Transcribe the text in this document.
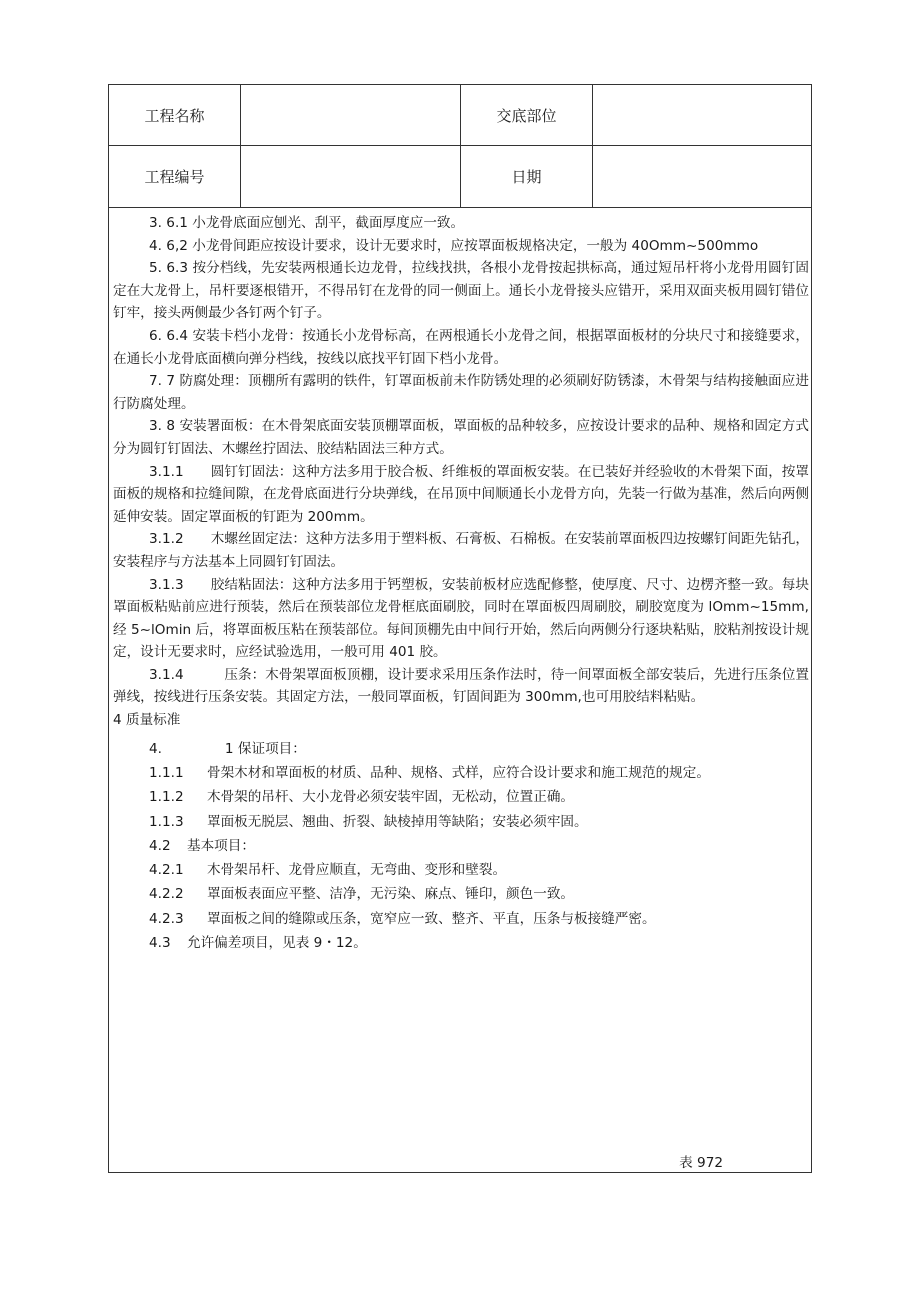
工程名称	交底部位
工程编号	日期

3. 6.1 小龙骨底面应刨光、刮平，截面厚度应一致。

4. 6,2 小龙骨间距应按设计要求，设计无要求时，应按罩面板规格决定，一般为 40Omm~500mmo

5. 6.3 按分档线，先安装两根通长边龙骨，拉线找拱，各根小龙骨按起拱标高，通过短吊杆将小龙骨用圆钉固定在大龙骨上，吊杆要逐根错开，不得吊钉在龙骨的同一侧面上。通长小龙骨接头应错开，采用双面夹板用圆钉错位钉牢，接头两侧最少各钉两个钉子。

6. 6.4 安装卡档小龙骨：按通长小龙骨标高，在两根通长小龙骨之间，根据罩面板材的分块尺寸和接缝要求，在通长小龙骨底面横向弹分档线，按线以底找平钉固下档小龙骨。

7. 7 防腐处理：顶棚所有露明的铁件，钉罩面板前未作防锈处理的必须刷好防锈漆，木骨架与结构接触面应进行防腐处理。

3. 8 安装署面板：在木骨架底面安装顶棚罩面板，罩面板的品种较多，应按设计要求的品种、规格和固定方式分为圆钉钉固法、木螺丝拧固法、胶结粘固法三种方式。

3.1.1　　圆钉钉固法：这种方法多用于胶合板、纤维板的罩面板安装。在已装好并经验收的木骨架下面，按罩面板的规格和拉缝间隙，在龙骨底面进行分块弹线，在吊顶中间顺通长小龙骨方向，先装一行做为基准，然后向两侧延伸安装。固定罩面板的钉距为 200mm。

3.1.2　　木螺丝固定法：这种方法多用于塑料板、石膏板、石棉板。在安装前罩面板四边按螺钉间距先钻孔，安装程序与方法基本上同圆钉钉固法。

3.1.3　　胶结粘固法：这种方法多用于钙塑板，安装前板材应选配修整，使厚度、尺寸、边楞齐整一致。每块罩面板粘贴前应进行预装，然后在预装部位龙骨框底面刷胶，同时在罩面板四周刷胶，刷胶宽度为 lOmm~15mm,经 5~lOmin 后，将罩面板压粘在预装部位。每间顶棚先由中间行开始，然后向两侧分行逐块粘贴，胶粘剂按设计规定，设计无要求时，应经试验选用，一般可用 401 胶。

3.1.4　　　压条：木骨架罩面板顶棚，设计要求采用压条作法时，待一间罩面板全部安装后，先进行压条位置弹线，按线进行压条安装。其固定方法，一般同罩面板，钉固间距为 300mm,也可用胶结料粘贴。

4 质量标准

4.	　 1 保证项目：
1.1.1 骨架木材和罩面板的材质、品种、规格、式样，应符合设计要求和施工规范的规定。
1.1.2 木骨架的吊杆、大小龙骨必须安装牢固，无松动，位置正确。
1.1.3 罩面板无脱层、翘曲、折裂、缺棱掉用等缺陷；安装必须牢固。
4.2 基本项目：
4.2.1 木骨架吊杆、龙骨应顺直，无弯曲、变形和壁裂。
4.2.2 罩面板表面应平整、洁净，无污染、麻点、锤印，颜色一致。
4.2.3 罩面板之间的缝隙或压条，宽窄应一致、整齐、平直，压条与板接缝严密。
4.3 允许偏差项目，见表 9・12。
表 972
